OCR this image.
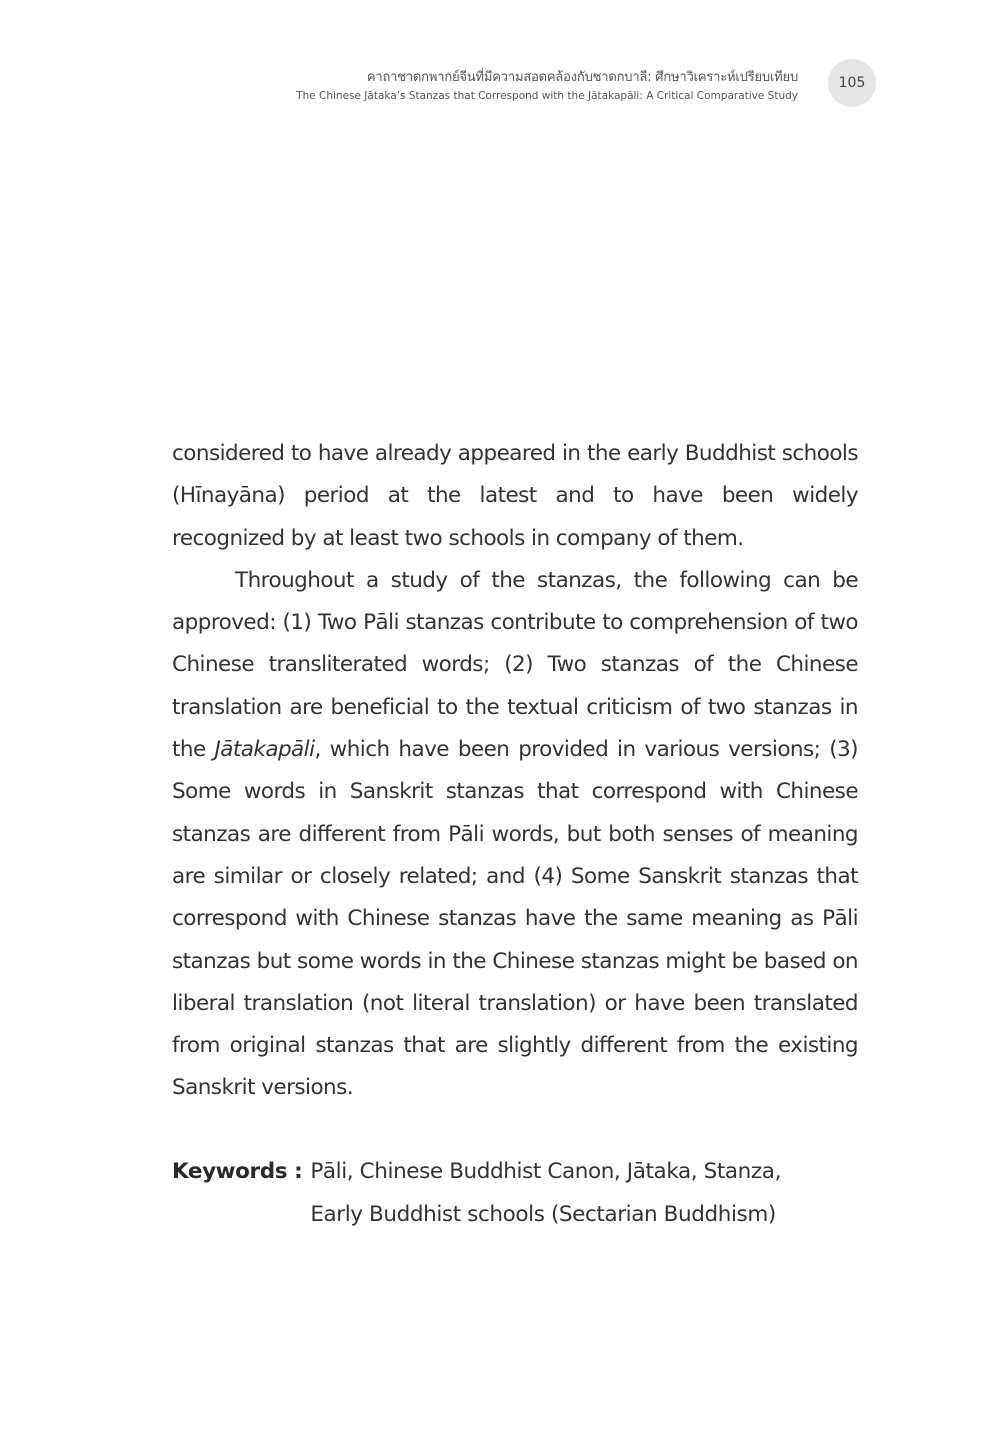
คาถาชาดกพากย์จีนที่มีความสอดคล้องกับชาดกบาลี: ศึกษาวิเคราะห์เปรียบเทียบ
The Chinese Jātaka’s Stanzas that Correspond with the Jātakapāli: A Critical Comparative Study
105

considered to have already appeared in the early Buddhist schools (Hīnayāna) period at the latest and to have been widely recognized by at least two schools in company of them.

Throughout a study of the stanzas, the following can be approved: (1) Two Pāli stanzas contribute to comprehension of two Chinese transliterated words; (2) Two stanzas of the Chinese translation are beneficial to the textual criticism of two stanzas in the Jātakapāli, which have been provided in various versions; (3) Some words in Sanskrit stanzas that correspond with Chinese stanzas are different from Pāli words, but both senses of meaning are similar or closely related; and (4) Some Sanskrit stanzas that correspond with Chinese stanzas have the same meaning as Pāli stanzas but some words in the Chinese stanzas might be based on liberal translation (not literal translation) or have been translated from original stanzas that are slightly different from the existing Sanskrit versions.

Keywords : Pāli, Chinese Buddhist Canon, Jātaka, Stanza,
Early Buddhist schools (Sectarian Buddhism)
